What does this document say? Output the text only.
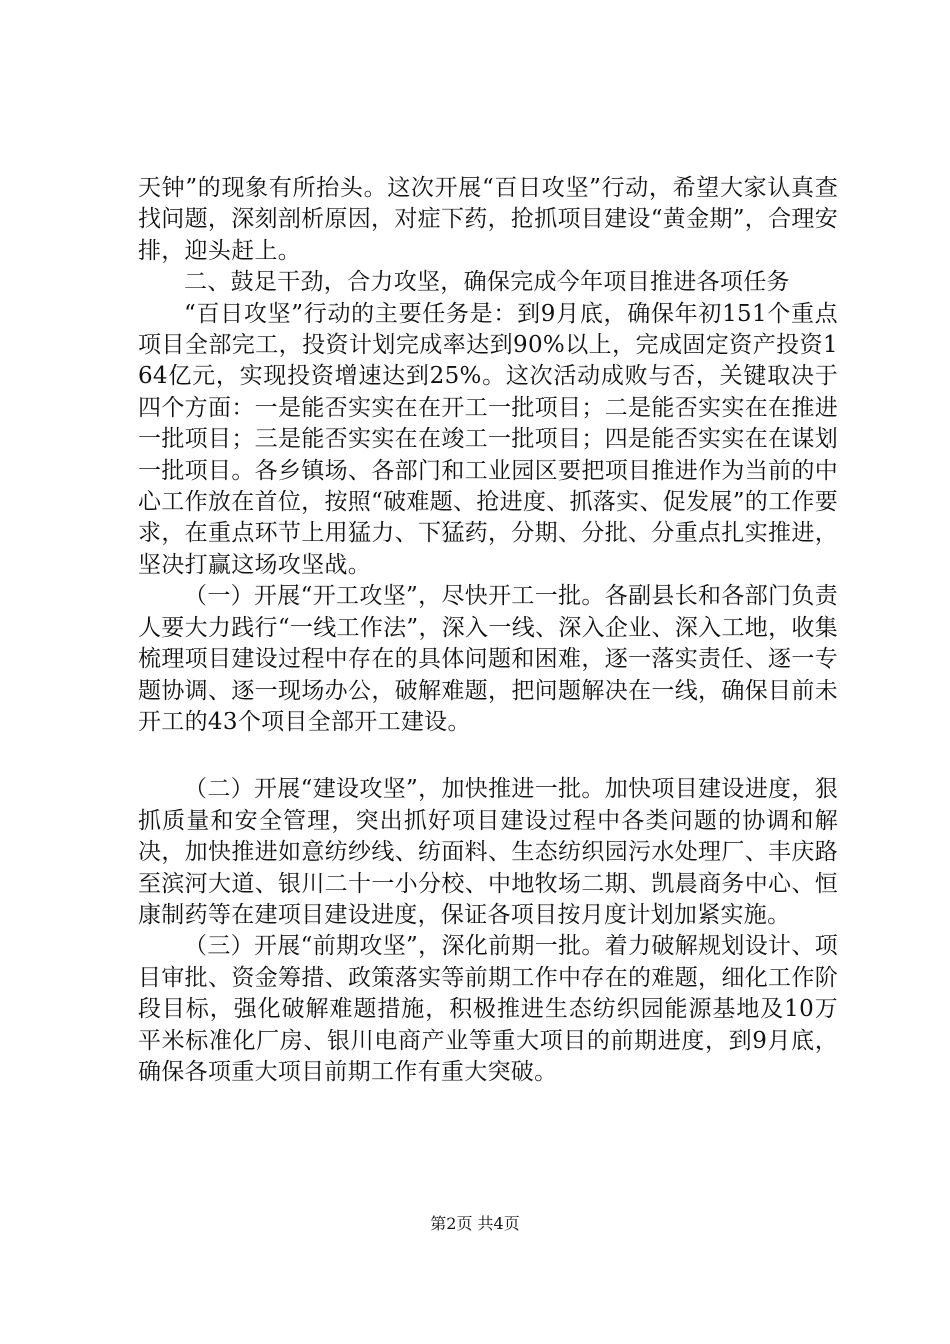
天钟”的现象有所抬头。这次开展“百日攻坚”行动，希望大家认真查找问题，深刻剖析原因，对症下药，抢抓项目建设“黄金期”，合理安排，迎头赶上。

二、鼓足干劲，合力攻坚，确保完成今年项目推进各项任务

“百日攻坚”行动的主要任务是：到9月底，确保年初151个重点项目全部完工，投资计划完成率达到90%以上，完成固定资产投资164亿元，实现投资增速达到25%。这次活动成败与否，关键取决于四个方面：一是能否实实在在开工一批项目；二是能否实实在在推进一批项目；三是能否实实在在竣工一批项目；四是能否实实在在谋划一批项目。各乡镇场、各部门和工业园区要把项目推进作为当前的中心工作放在首位，按照“破难题、抢进度、抓落实、促发展”的工作要求，在重点环节上用猛力、下猛药，分期、分批、分重点扎实推进，坚决打赢这场攻坚战。

（一）开展“开工攻坚”，尽快开工一批。各副县长和各部门负责人要大力践行“一线工作法”，深入一线、深入企业、深入工地，收集梳理项目建设过程中存在的具体问题和困难，逐一落实责任、逐一专题协调、逐一现场办公，破解难题，把问题解决在一线，确保目前未开工的43个项目全部开工建设。

（二）开展“建设攻坚”，加快推进一批。加快项目建设进度，狠抓质量和安全管理，突出抓好项目建设过程中各类问题的协调和解决，加快推进如意纺纱线、纺面料、生态纺织园污水处理厂、丰庆路至滨河大道、银川二十一小分校、中地牧场二期、凯晨商务中心、恒康制药等在建项目建设进度，保证各项目按月度计划加紧实施。

（三）开展“前期攻坚”，深化前期一批。着力破解规划设计、项目审批、资金筹措、政策落实等前期工作中存在的难题，细化工作阶段目标，强化破解难题措施，积极推进生态纺织园能源基地及10万平米标准化厂房、银川电商产业等重大项目的前期进度，到9月底，确保各项重大项目前期工作有重大突破。

第2页 共4页
